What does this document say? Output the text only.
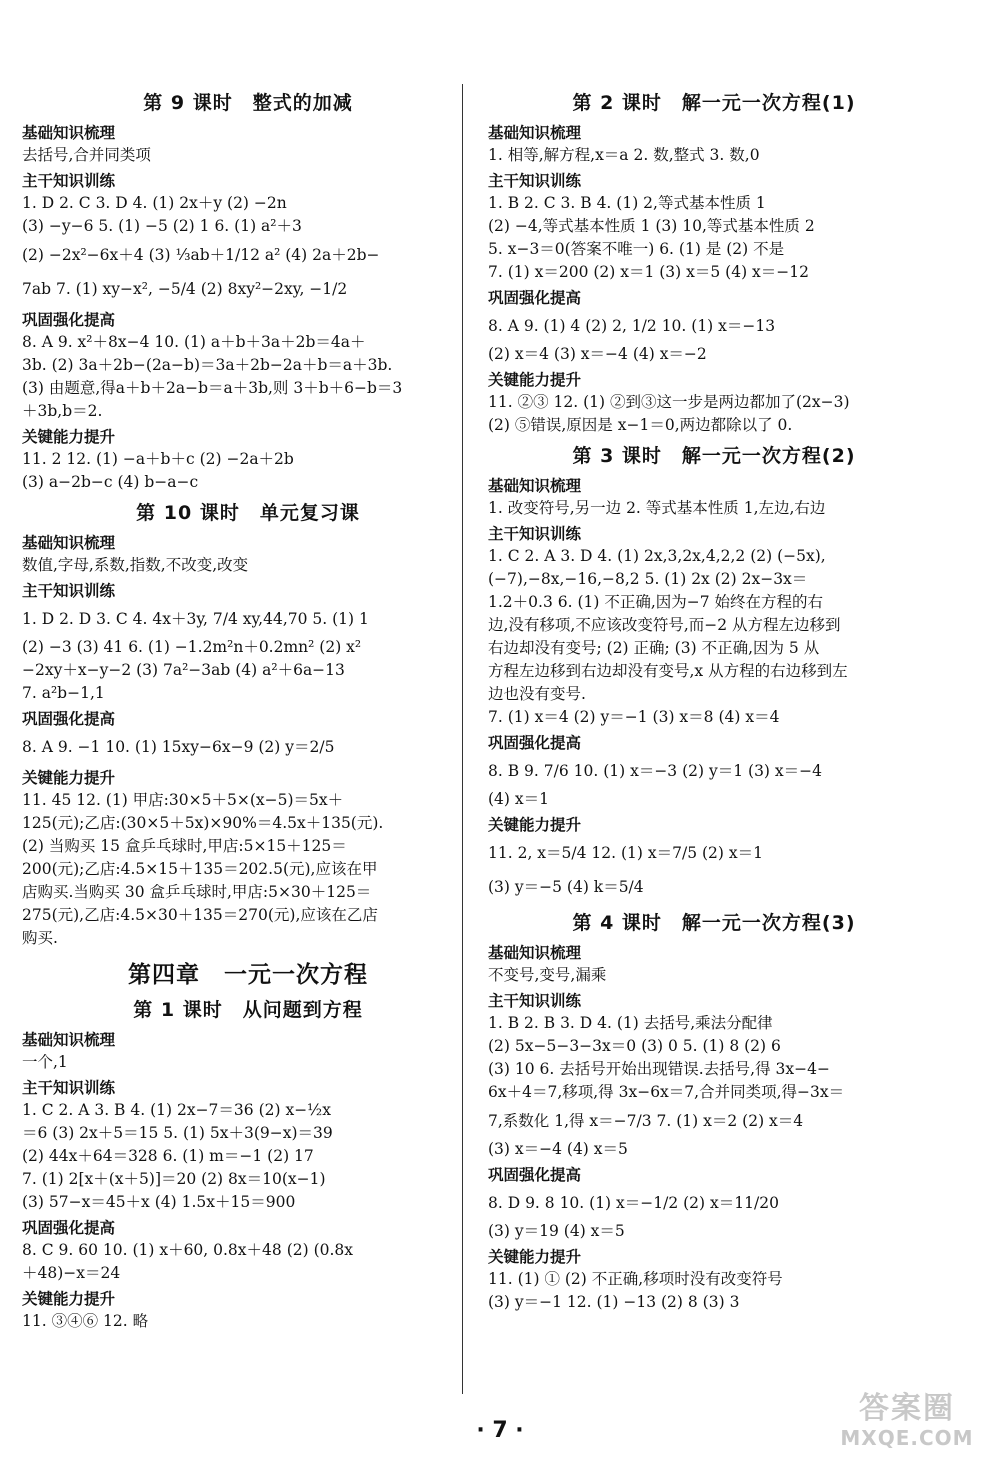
第 9 课时　整式的加减
基础知识梳理
去括号,合并同类项
主干知识训练
1. D 2. C 3. D 4. (1) 2x＋y (2) −2n
(3) −y−6 5. (1) −5 (2) 1 6. (1) a²＋3
(2) −2x²−6x＋4 (3) ⅓ab＋1/12 a² (4) 2a＋2b−
7ab 7. (1) xy−x², −5/4 (2) 8xy²−2xy, −1/2
巩固强化提高
8. A 9. x²＋8x−4 10. (1) a＋b＋3a＋2b＝4a＋
3b. (2) 3a＋2b−(2a−b)＝3a＋2b−2a＋b＝a＋3b.
(3) 由题意,得a＋b＋2a−b＝a＋3b,则 3＋b＋6−b＝3
＋3b,b＝2.
关键能力提升
11. 2 12. (1) −a＋b＋c (2) −2a＋2b
(3) a−2b−c (4) b−a−c
第 10 课时　单元复习课
基础知识梳理
数值,字母,系数,指数,不改变,改变
主干知识训练
1. D 2. D 3. C 4. 4x＋3y, 7/4 xy,44,70 5. (1) 1
(2) −3 (3) 41 6. (1) −1.2m²n＋0.2mn² (2) x²
−2xy＋x−y−2 (3) 7a²−3ab (4) a²＋6a−13
7. a²b−1,1
巩固强化提高
8. A 9. −1 10. (1) 15xy−6x−9 (2) y＝2/5
关键能力提升
11. 45 12. (1) 甲店:30×5＋5×(x−5)＝5x＋
125(元);乙店:(30×5＋5x)×90%＝4.5x＋135(元).
(2) 当购买 15 盒乒乓球时,甲店:5×15＋125＝
200(元);乙店:4.5×15＋135＝202.5(元),应该在甲
店购买.当购买 30 盒乒乓球时,甲店:5×30＋125＝
275(元),乙店:4.5×30＋135＝270(元),应该在乙店
购买.
第四章　一元一次方程
第 1 课时　从问题到方程
基础知识梳理
一个,1
主干知识训练
1. C 2. A 3. B 4. (1) 2x−7＝36 (2) x−½x
＝6 (3) 2x＋5＝15 5. (1) 5x＋3(9−x)＝39
(2) 44x＋64＝328 6. (1) m＝−1 (2) 17
7. (1) 2[x＋(x＋5)]＝20 (2) 8x＝10(x−1)
(3) 57−x＝45＋x (4) 1.5x＋15＝900
巩固强化提高
8. C 9. 60 10. (1) x＋60, 0.8x＋48 (2) (0.8x
＋48)−x＝24
关键能力提升
11. ③④⑥ 12. 略
第 2 课时　解一元一次方程(1)
基础知识梳理
1. 相等,解方程,x＝a 2. 数,整式 3. 数,0
主干知识训练
1. B 2. C 3. B 4. (1) 2,等式基本性质 1
(2) −4,等式基本性质 1 (3) 10,等式基本性质 2
5. x−3＝0(答案不唯一) 6. (1) 是 (2) 不是
7. (1) x＝200 (2) x＝1 (3) x＝5 (4) x＝−12
巩固强化提高
8. A 9. (1) 4 (2) 2, 1/2 10. (1) x＝−13
(2) x＝4 (3) x＝−4 (4) x＝−2
关键能力提升
11. ②③ 12. (1) ②到③这一步是两边都加了(2x−3)
(2) ⑤错误,原因是 x−1＝0,两边都除以了 0.
第 3 课时　解一元一次方程(2)
基础知识梳理
1. 改变符号,另一边 2. 等式基本性质 1,左边,右边
主干知识训练
1. C 2. A 3. D 4. (1) 2x,3,2x,4,2,2 (2) (−5x),
(−7),−8x,−16,−8,2 5. (1) 2x (2) 2x−3x＝
1.2＋0.3 6. (1) 不正确,因为−7 始终在方程的右
边,没有移项,不应该改变符号,而−2 从方程左边移到
右边却没有变号; (2) 正确; (3) 不正确,因为 5 从
方程左边移到右边却没有变号,x 从方程的右边移到左
边也没有变号.
7. (1) x＝4 (2) y＝−1 (3) x＝8 (4) x＝4
巩固强化提高
8. B 9. 7/6 10. (1) x＝−3 (2) y＝1 (3) x＝−4
(4) x＝1
关键能力提升
11. 2, x＝5/4 12. (1) x＝7/5 (2) x＝1
(3) y＝−5 (4) k＝5/4
第 4 课时　解一元一次方程(3)
基础知识梳理
不变号,变号,漏乘
主干知识训练
1. B 2. B 3. D 4. (1) 去括号,乘法分配律
(2) 5x−5−3−3x＝0 (3) 0 5. (1) 8 (2) 6
(3) 10 6. 去括号开始出现错误.去括号,得 3x−4−
6x＋4＝7,移项,得 3x−6x＝7,合并同类项,得−3x＝
7,系数化 1,得 x＝−7/3 7. (1) x＝2 (2) x＝4
(3) x＝−4 (4) x＝5
巩固强化提高
8. D 9. 8 10. (1) x＝−1/2 (2) x＝11/20
(3) y＝19 (4) x＝5
关键能力提升
11. (1) ① (2) 不正确,移项时没有改变符号
(3) y＝−1 12. (1) −13 (2) 8 (3) 3
· 7 ·
答案圈
MXQE.COM
